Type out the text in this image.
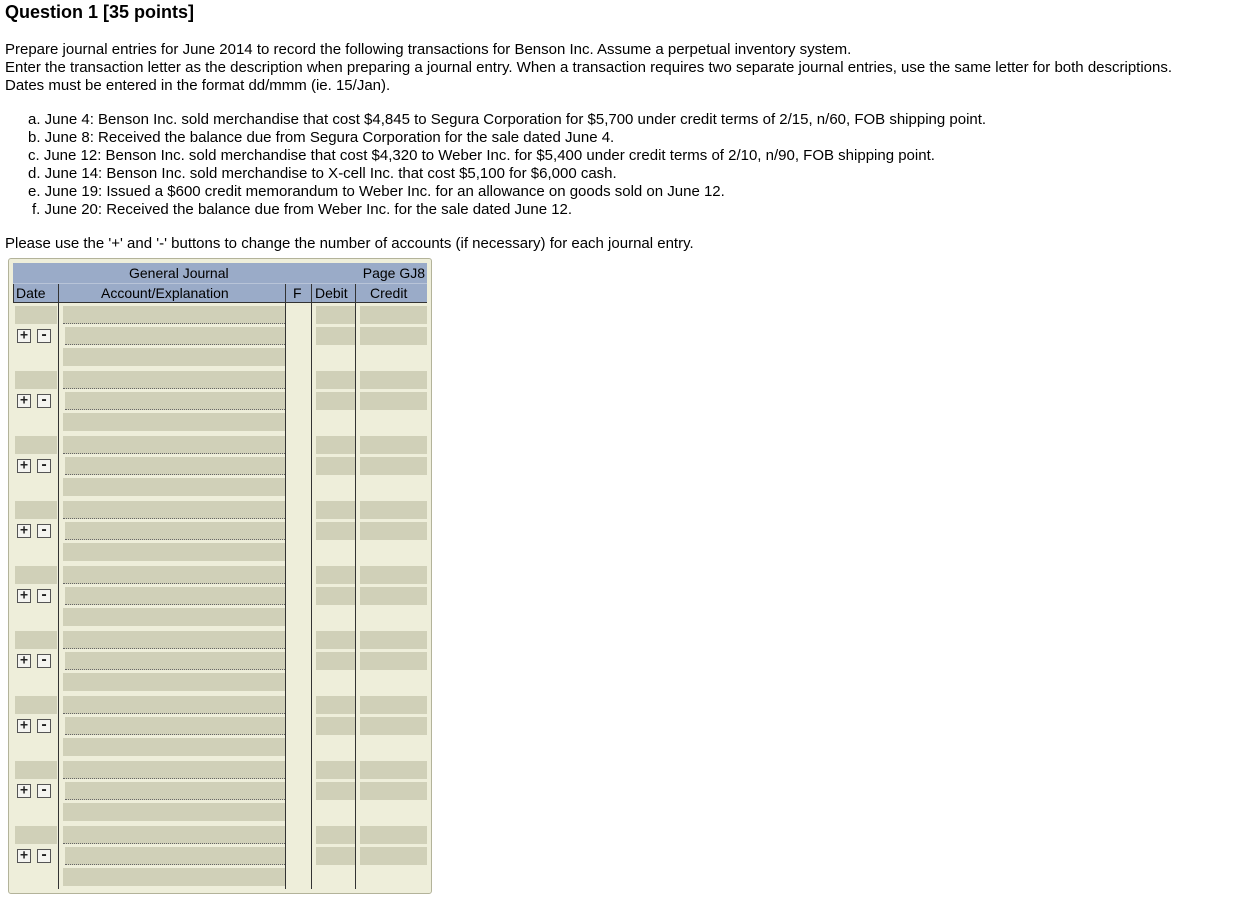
Question 1 [35 points]
Prepare journal entries for June 2014 to record the following transactions for Benson Inc. Assume a perpetual inventory system.
Enter the transaction letter as the description when preparing a journal entry. When a transaction requires two separate journal entries, use the same letter for both descriptions.
Dates must be entered in the format dd/mmm (ie. 15/Jan).
a. June 4: Benson Inc. sold merchandise that cost $4,845 to Segura Corporation for $5,700 under credit terms of 2/15, n/60, FOB shipping point.
b. June 8: Received the balance due from Segura Corporation for the sale dated June 4.
c. June 12: Benson Inc. sold merchandise that cost $4,320 to Weber Inc. for $5,400 under credit terms of 2/10, n/90, FOB shipping point.
d. June 14: Benson Inc. sold merchandise to X-cell Inc. that cost $5,100 for $6,000 cash.
e. June 19: Issued a $600 credit memorandum to Weber Inc. for an allowance on goods sold on June 12.
f. June 20: Received the balance due from Weber Inc. for the sale dated June 12.
Please use the '+' and '-' buttons to change the number of accounts (if necessary) for each journal entry.
General Journal	Page GJ8
Date	Account/Explanation	F Debit Credit
+ -
+ -
+ -
+ -
+ -
+ -
+ -
+ -
+ -
